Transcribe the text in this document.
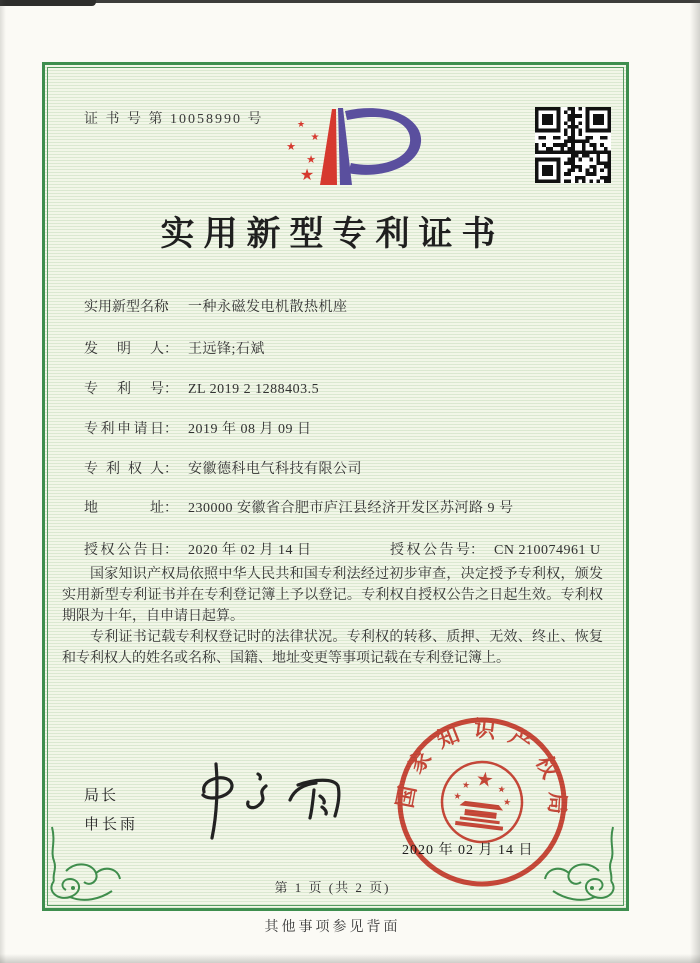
证 书 号 第 10058990 号	★
★
★
★
★
实用新型专利证书
实用新型名称： 一种永磁发电机散热机座
发明人： 王远锋;石斌
专利号： ZL 2019 2 1288403.5
专利申请日： 2019 年 08 月 09 日
专利权人： 安徽德科电气科技有限公司
地址： 230000 安徽省合肥市庐江县经济开发区苏河路 9 号
授权公告日： 2020 年 02 月 14 日	授权公告号： CN 210074961 U

国家知识产权局依照中华人民共和国专利法经过初步审查，决定授予专利权，颁发实用新型专利证书并在专利登记簿上予以登记。专利权自授权公告之日起生效。专利权期限为十年，自申请日起算。

专利证书记载专利权登记时的法律状况。专利权的转移、质押、无效、终止、恢复和专利权人的姓名或名称、国籍、地址变更等事项记载在专利登记簿上。

局长
申长雨
国家知识产权局
★
★	★
★
★
2020 年 02 月 14 日
第 1 页 (共 2 页)
其他事项参见背面
